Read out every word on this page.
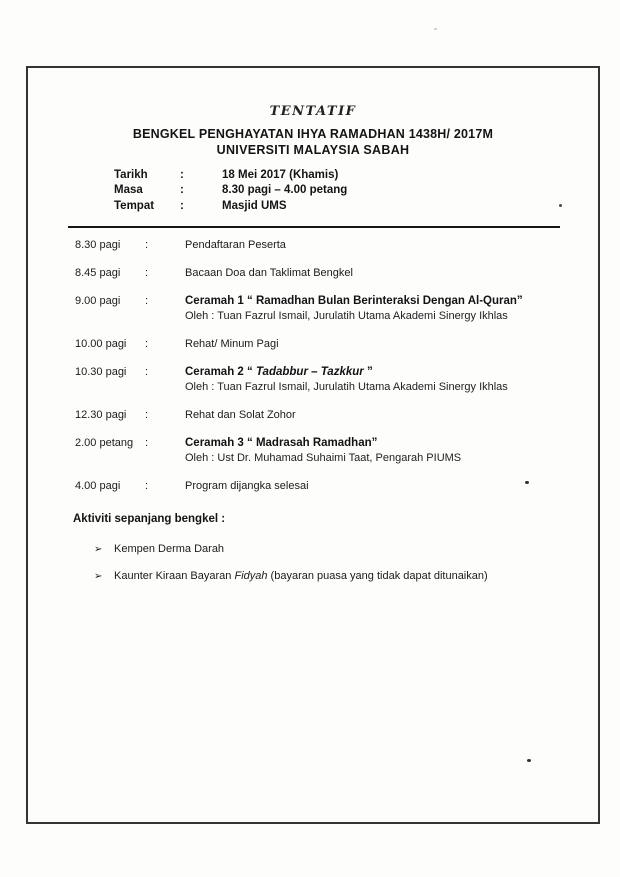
TENTATIF
BENGKEL PENGHAYATAN IHYA RAMADHAN 1438H/ 2017M
UNIVERSITI MALAYSIA SABAH
Tarikh	:	18 Mei 2017 (Khamis)
Masa	:	8.30 pagi – 4.00 petang
Tempat	:	Masjid UMS
8.30 pagi	:	Pendaftaran Peserta
8.45 pagi	:	Bacaan Doa dan Taklimat Bengkel
9.00 pagi	:	Ceramah 1 “ Ramadhan Bulan Berinteraksi Dengan Al-Quran”
Oleh : Tuan Fazrul Ismail, Jurulatih Utama Akademi Sinergy Ikhlas
10.00 pagi	:	Rehat/ Minum Pagi
10.30 pagi	:	Ceramah 2 “ Tadabbur – Tazkkur ”
Oleh : Tuan Fazrul Ismail, Jurulatih Utama Akademi Sinergy Ikhlas
12.30 pagi	:	Rehat dan Solat Zohor
2.00 petang	:	Ceramah 3 “ Madrasah Ramadhan”
Oleh : Ust Dr. Muhamad Suhaimi Taat, Pengarah PIUMS
4.00 pagi	:	Program dijangka selesai
Aktiviti sepanjang bengkel :
➢	Kempen Derma Darah
➢	Kaunter Kiraan Bayaran Fidyah (bayaran puasa yang tidak dapat ditunaikan)
